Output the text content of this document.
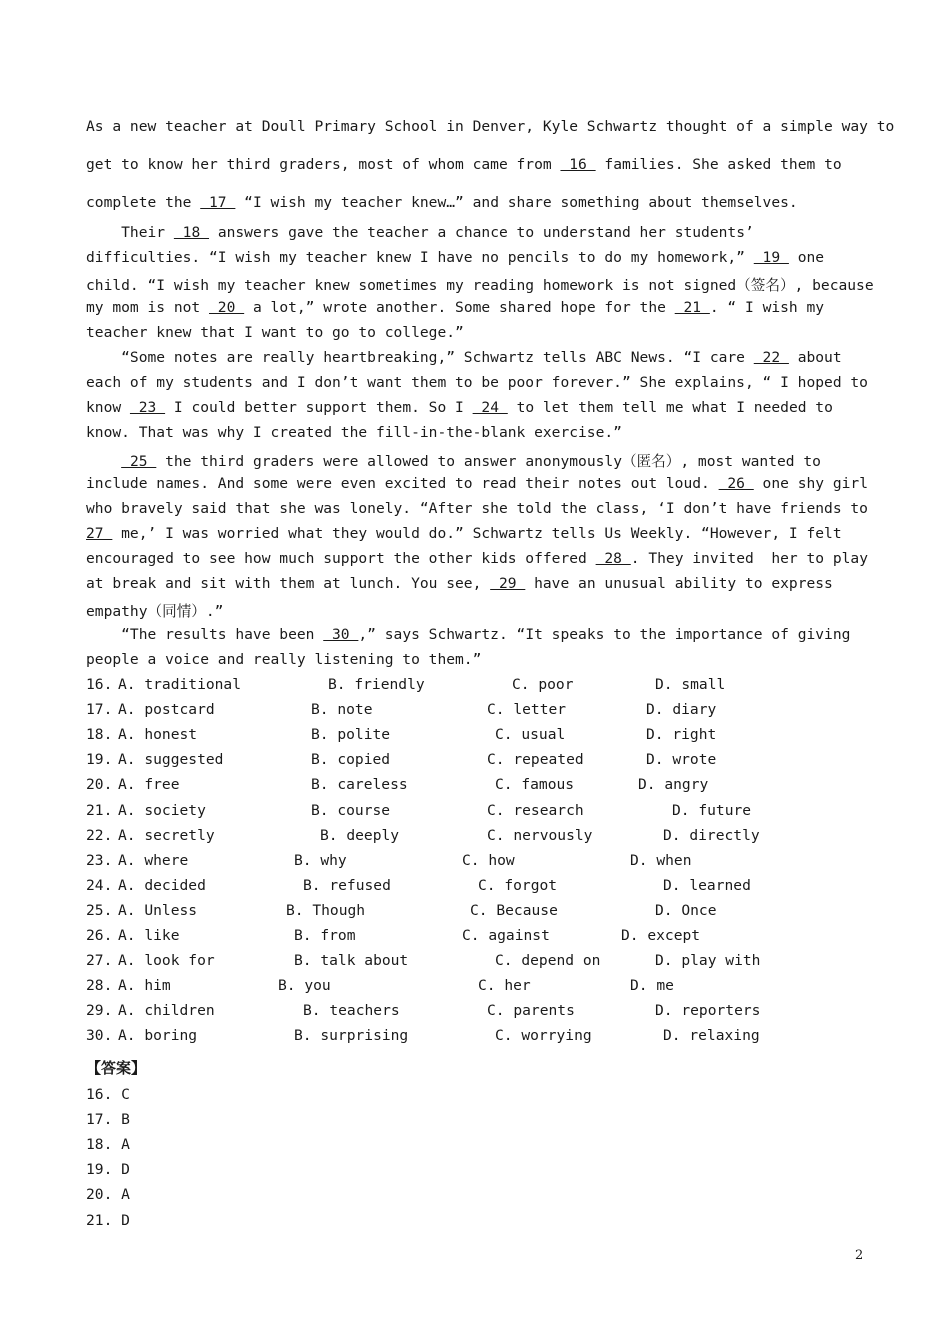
As a new teacher at Doull Primary School in Denver, Kyle Schwartz thought of a simple way to
get to know her third graders, most of whom came from  16  families. She asked them to
complete the  17  “I wish my teacher knew…” and share something about themselves.
Their  18  answers gave the teacher a chance to understand her students’
difficulties. “I wish my teacher knew I have no pencils to do my homework,”  19  one
child. “I wish my teacher knew sometimes my reading homework is not signed（签名）, because
my mom is not  20  a lot,” wrote another. Some shared hope for the  21 . “ I wish my
teacher knew that I want to go to college.”
“Some notes are really heartbreaking,” Schwartz tells ABC News. “I care  22  about
each of my students and I don’t want them to be poor forever.” She explains, “ I hoped to
know  23  I could better support them. So I  24  to let them tell me what I needed to
know. That was why I created the fill-in-the-blank exercise.”
25  the third graders were allowed to answer anonymously（匿名）, most wanted to
include names. And some were even excited to read their notes out loud.  26  one shy girl
who bravely said that she was lonely. “After she told the class, ‘I don’t have friends to
27  me,’ I was worried what they would do.” Schwartz tells Us Weekly. “However, I felt
encouraged to see how much support the other kids offered  28 . They invited  her to play
at break and sit with them at lunch. You see,  29  have an unusual ability to express
empathy（同情）.”
“The results have been  30 ,” says Schwartz. “It speaks to the importance of giving
people a voice and really listening to them.”
16. A. traditional	B. friendly	C. poor	D. small
17. A. postcard	B. note	C. letter	D. diary
18. A. honest	B. polite	C. usual	D. right
19. A. suggested	B. copied	C. repeated	D. wrote
20. A. free	B. careless	C. famous	D. angry
21. A. society	B. course	C. research	D. future
22. A. secretly	B. deeply	C. nervously	D. directly
23. A. where	B. why	C. how	D. when
24. A. decided	B. refused	C. forgot	D. learned
25. A. Unless	B. Though	C. Because	D. Once
26. A. like	B. from	C. against	D. except
27. A. look for	B. talk about	C. depend on	D. play with
28. A. him	B. you	C. her	D. me
29. A. children	B. teachers	C. parents	D. reporters
30. A. boring	B. surprising	C. worrying	D. relaxing
【答案】
16. C
17. B
18. A
19. D
20. A
21. D
2
